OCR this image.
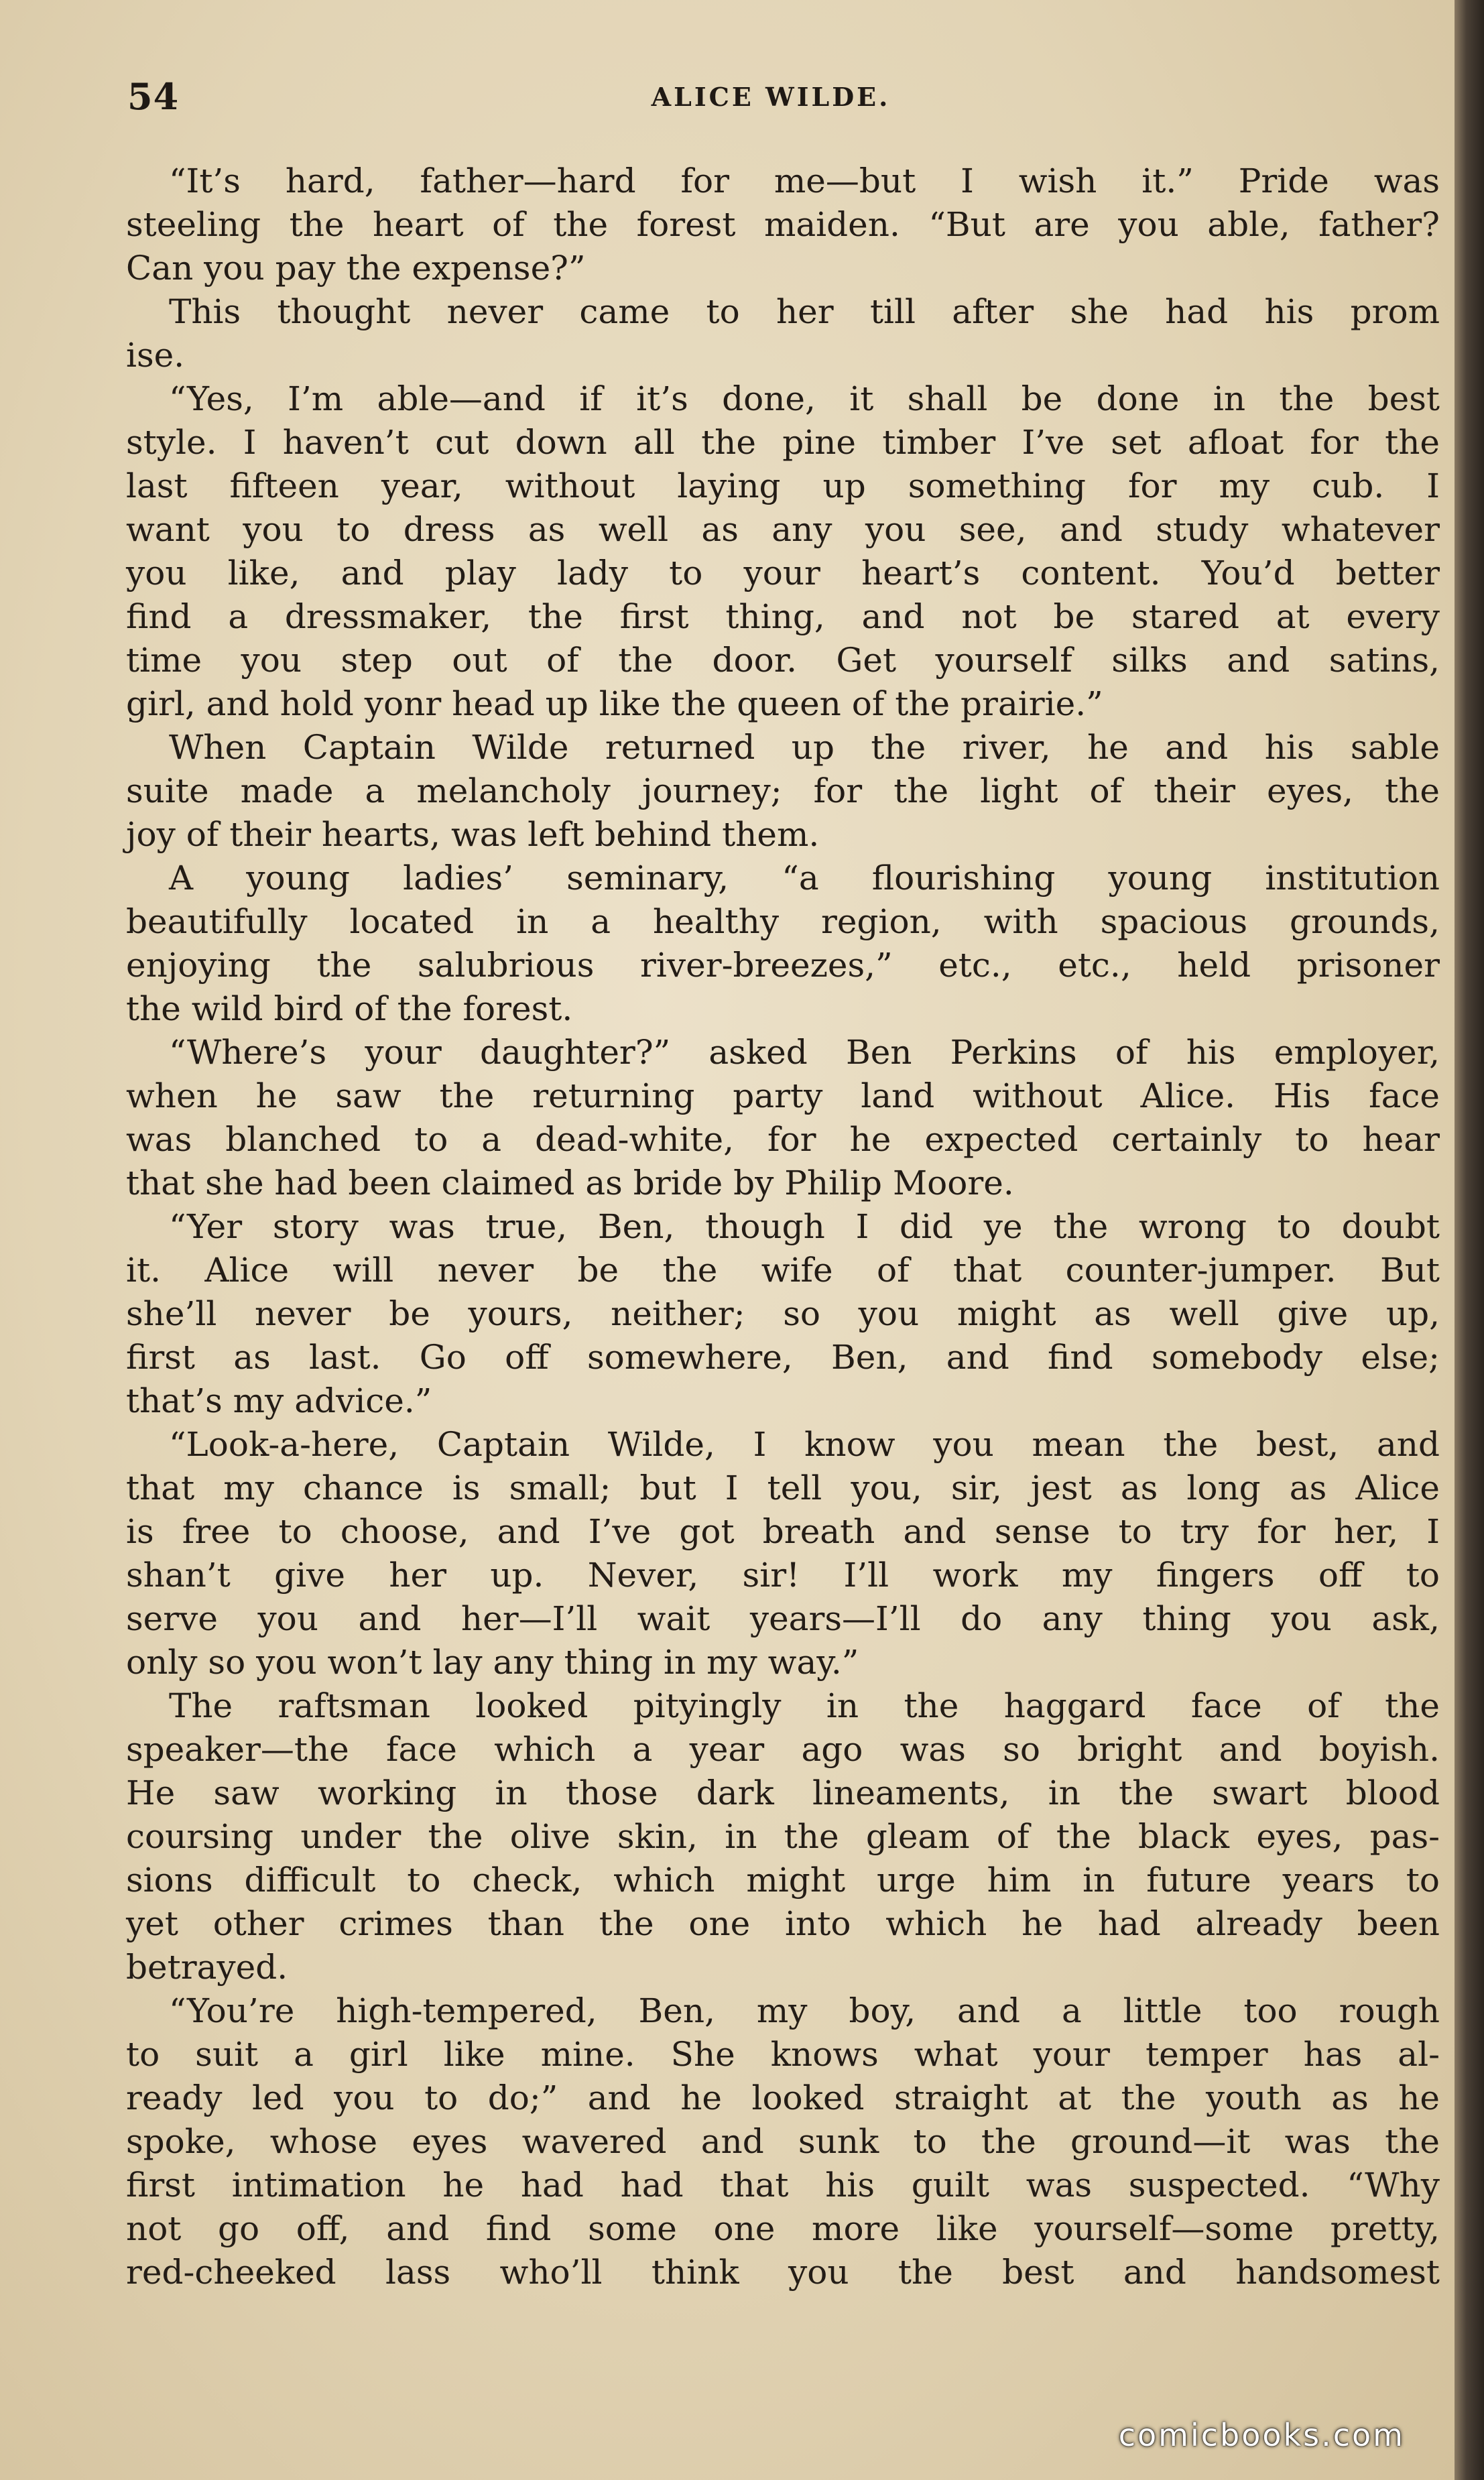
54	ALICE WILDE.
“It’s hard, father—hard for me—but I wish it.” Pride was
steeling the heart of the forest maiden. “But are you able, father?
Can you pay the expense?”
This thought never came to her till after she had his prom
ise.
“Yes, I’m able—and if it’s done, it shall be done in the best
style. I haven’t cut down all the pine timber I’ve set afloat for the
last fifteen year, without laying up something for my cub. I
want you to dress as well as any you see, and study whatever
you like, and play lady to your heart’s content. You’d better
find a dressmaker, the first thing, and not be stared at every
time you step out of the door. Get yourself silks and satins,
girl, and hold yonr head up like the queen of the prairie.”
When Captain Wilde returned up the river, he and his sable
suite made a melancholy journey; for the light of their eyes, the
joy of their hearts, was left behind them.
A young ladies’ seminary, “a flourishing young institution
beautifully located in a healthy region, with spacious grounds,
enjoying the salubrious river-breezes,” etc., etc., held prisoner
the wild bird of the forest.
“Where’s your daughter?” asked Ben Perkins of his employer,
when he saw the returning party land without Alice. His face
was blanched to a dead-white, for he expected certainly to hear
that she had been claimed as bride by Philip Moore.
“Yer story was true, Ben, though I did ye the wrong to doubt
it. Alice will never be the wife of that counter-jumper. But
she’ll never be yours, neither; so you might as well give up,
first as last. Go off somewhere, Ben, and find somebody else;
that’s my advice.”
“Look-a-here, Captain Wilde, I know you mean the best, and
that my chance is small; but I tell you, sir, jest as long as Alice
is free to choose, and I’ve got breath and sense to try for her, I
shan’t give her up. Never, sir! I’ll work my fingers off to
serve you and her—I’ll wait years—I’ll do any thing you ask,
only so you won’t lay any thing in my way.”
The raftsman looked pityingly in the haggard face of the
speaker—the face which a year ago was so bright and boyish.
He saw working in those dark lineaments, in the swart blood
coursing under the olive skin, in the gleam of the black eyes, pas-
sions difficult to check, which might urge him in future years to
yet other crimes than the one into which he had already been
betrayed.
“You’re high-tempered, Ben, my boy, and a little too rough
to suit a girl like mine. She knows what your temper has al-
ready led you to do;” and he looked straight at the youth as he
spoke, whose eyes wavered and sunk to the ground—it was the
first intimation he had had that his guilt was suspected. “Why
not go off, and find some one more like yourself—some pretty,
red-cheeked lass who’ll think you the best and handsomest
comicbooks.com
